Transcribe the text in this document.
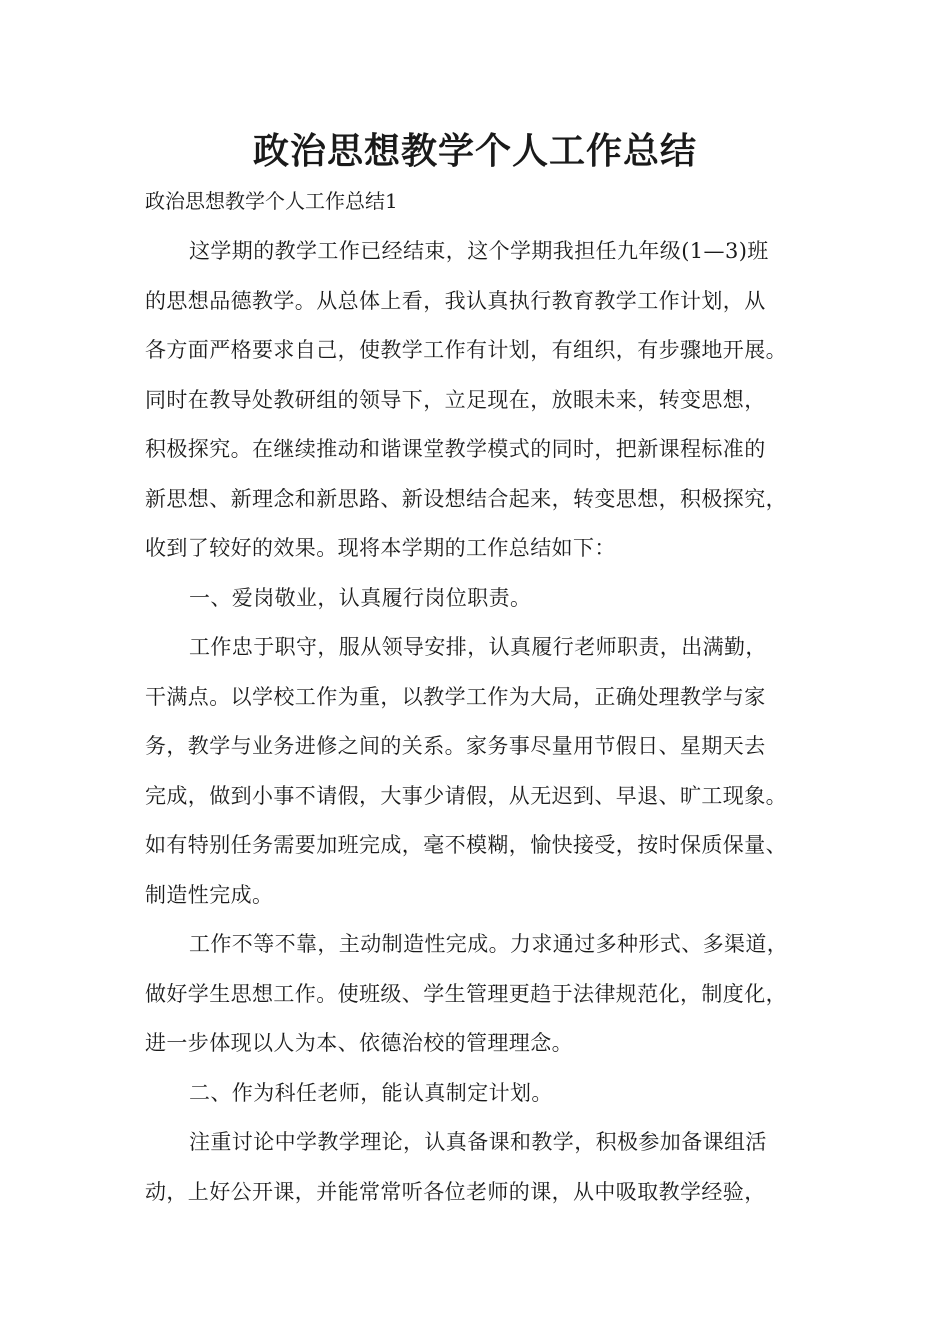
政治思想教学个人工作总结

政治思想教学个人工作总结1

这学期的教学工作已经结束，这个学期我担任九年级(1—3)班
的思想品德教学。从总体上看，我认真执行教育教学工作计划，从
各方面严格要求自己，使教学工作有计划，有组织，有步骤地开展。
同时在教导处教研组的领导下，立足现在，放眼未来，转变思想，
积极探究。在继续推动和谐课堂教学模式的同时，把新课程标准的
新思想、新理念和新思路、新设想结合起来，转变思想，积极探究，
收到了较好的效果。现将本学期的工作总结如下：
一、爱岗敬业，认真履行岗位职责。
工作忠于职守，服从领导安排，认真履行老师职责，出满勤，
干满点。以学校工作为重，以教学工作为大局，正确处理教学与家
务，教学与业务进修之间的关系。家务事尽量用节假日、星期天去
完成，做到小事不请假，大事少请假，从无迟到、早退、旷工现象。
如有特别任务需要加班完成，毫不模糊，愉快接受，按时保质保量、
制造性完成。
工作不等不靠，主动制造性完成。力求通过多种形式、多渠道，
做好学生思想工作。使班级、学生管理更趋于法律规范化，制度化，
进一步体现以人为本、依德治校的管理理念。
二、作为科任老师，能认真制定计划。
注重讨论中学教学理论，认真备课和教学，积极参加备课组活
动，上好公开课，并能常常听各位老师的课，从中吸取教学经验，
